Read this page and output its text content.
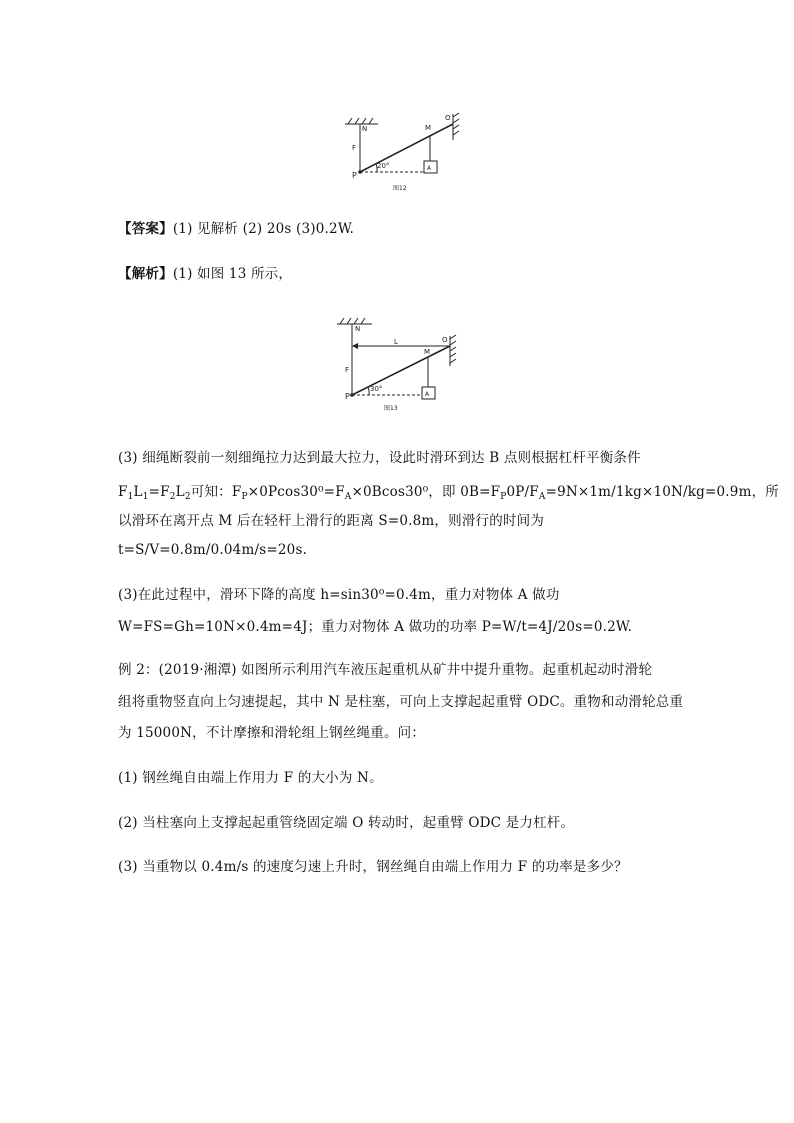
N	M
O
F
P
20°	A
图12
【答案】(1) 见解析 (2) 20s (3)0.2W.
【解析】(1) 如图 13 所示，
N
L
M
O
F
P
30°
A
图13
(3) 细绳断裂前一刻细绳拉力达到最大拉力，设此时滑环到达 B 点则根据杠杆平衡条件
$F_1L_1=F_2L_2$可知：$F_P\times 0Pcos30^0=F_A\times 0Bcos30^0$，即 $0B=F_P0P/F_A=9N\times 1m/1kg\times 10N/kg=0.9m$，所
以滑环在离开点 M 后在轻杆上滑行的距离 S=0.8m，则滑行的时间为
t=S/V=0.8m/0.04m/s=20s.
(3)在此过程中，滑环下降的高度 h=sin30⁰=0.4m，重力对物体 A 做功
W=FS=Gh=10N×0.4m=4J；重力对物体 A 做功的功率 P=W/t=4J/20s=0.2W.
例 2：(2019·湘潭) 如图所示利用汽车液压起重机从矿井中提升重物。起重机起动时滑轮
组将重物竖直向上匀速提起，其中 N 是柱塞，可向上支撑起起重臂 ODC。重物和动滑轮总重
为 15000N，不计摩擦和滑轮组上钢丝绳重。问：
(1) 钢丝绳自由端上作用力 F 的大小为 N。
(2) 当柱塞向上支撑起起重管绕固定端 O 转动时，起重臂 ODC 是力杠杆。
(3) 当重物以 0.4m/s 的速度匀速上升时，钢丝绳自由端上作用力 F 的功率是多少？
